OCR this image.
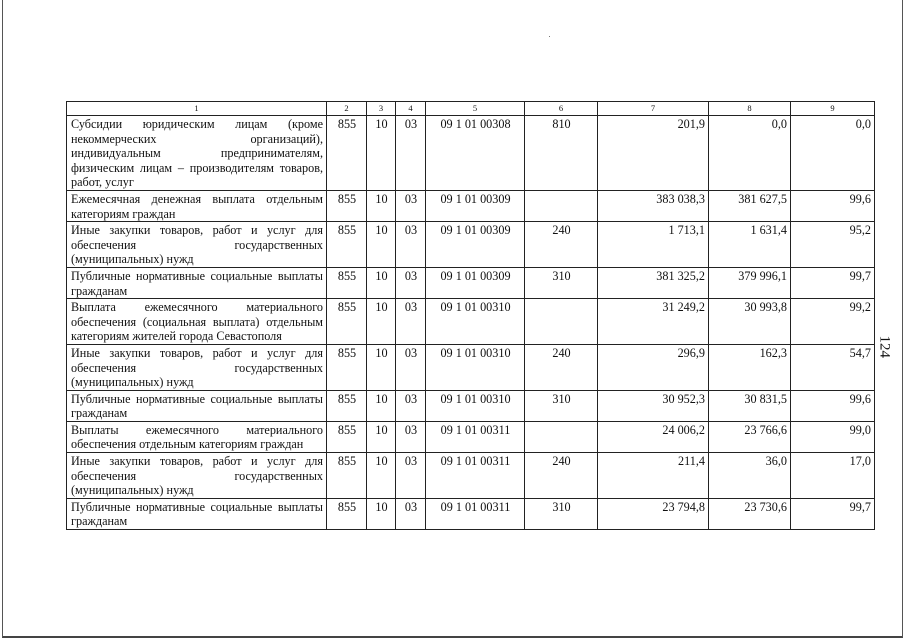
1	2	3	4	5	6	7	8	9
Субсидии юридическим лицам (кроме некоммерческих организаций), индивидуальным предпринимателям, физическим лицам – производителям товаров, работ, услуг	855	10	03	09 1 01 00308	810	201,9	0,0	0,0
Ежемесячная денежная выплата отдельным категориям граждан	855	10	03	09 1 01 00309		383 038,3	381 627,5	99,6
Иные закупки товаров, работ и услуг для обеспечения государственных (муниципальных) нужд	855	10	03	09 1 01 00309	240	1 713,1	1 631,4	95,2
Публичные нормативные социальные выплаты гражданам	855	10	03	09 1 01 00309	310	381 325,2	379 996,1	99,7
Выплата ежемесячного материального обеспечения (социальная выплата) отдельным категориям жителей города Севастополя	855	10	03	09 1 01 00310		31 249,2	30 993,8	99,2
Иные закупки товаров, работ и услуг для обеспечения государственных (муниципальных) нужд	855	10	03	09 1 01 00310	240	296,9	162,3	54,7
Публичные нормативные социальные выплаты гражданам	855	10	03	09 1 01 00310	310	30 952,3	30 831,5	99,6
Выплаты ежемесячного материального обеспечения отдельным категориям граждан	855	10	03	09 1 01 00311		24 006,2	23 766,6	99,0
Иные закупки товаров, работ и услуг для обеспечения государственных (муниципальных) нужд	855	10	03	09 1 01 00311	240	211,4	36,0	17,0
Публичные нормативные социальные выплаты гражданам	855	10	03	09 1 01 00311	310	23 794,8	23 730,6	99,7
124
